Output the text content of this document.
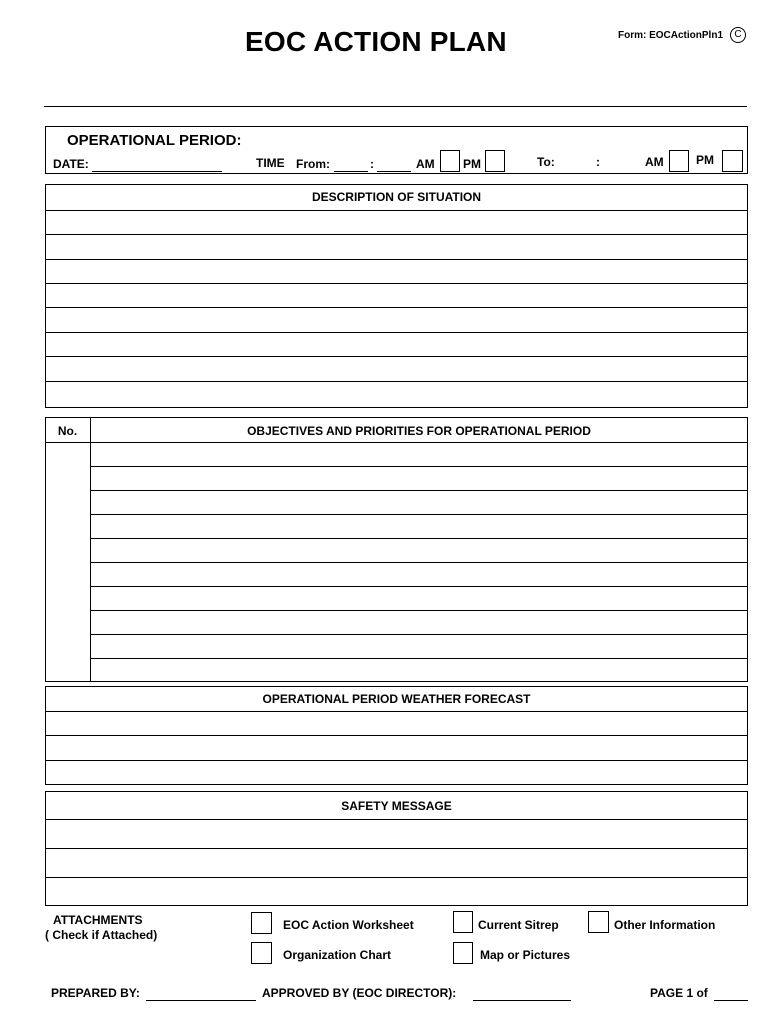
EOC ACTION PLAN	Form: EOCActionPln1	C
OPERATIONAL PERIOD:
DATE:	TIME From:	:	AM PM	To:	:	AM	PM
DESCRIPTION OF SITUATION
No.	OBJECTIVES AND PRIORITIES FOR OPERATIONAL PERIOD
OPERATIONAL PERIOD WEATHER FORECAST
SAFETY MESSAGE
ATTACHMENTS
( Check if Attached)
EOC Action Worksheet	Current Sitrep	Other Information
Organization Chart	Map or Pictures
PREPARED BY:	APPROVED BY (EOC DIRECTOR):	PAGE 1 of
